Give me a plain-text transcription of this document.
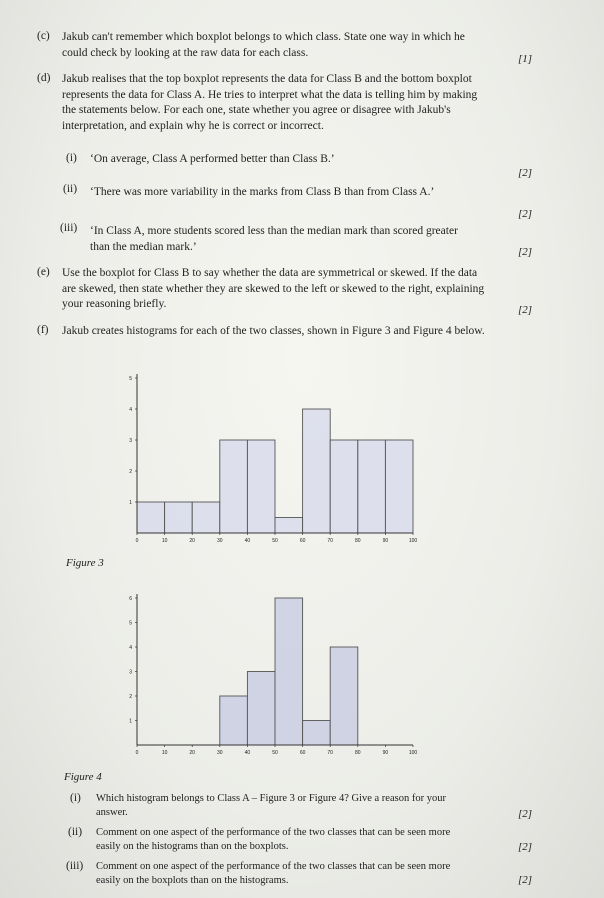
(c) Jakub can't remember which boxplot belongs to which class. State one way in which he could check by looking at the raw data for each class.
[1]
(d) Jakub realises that the top boxplot represents the data for Class B and the bottom boxplot represents the data for Class A. He tries to interpret what the data is telling him by making the statements below. For each one, state whether you agree or disagree with Jakub's interpretation, and explain why he is correct or incorrect.
(i) ‘On average, Class A performed better than Class B.’
[2]
(ii) ‘There was more variability in the marks from Class B than from Class A.’
[2]
(iii) ‘In Class A, more students scored less than the median mark than scored greater than the median mark.’	[2]
(e) Use the boxplot for Class B to say whether the data are symmetrical or skewed. If the data are skewed, then state whether they are skewed to the left or skewed to the right, explaining your reasoning briefly.	[2]
(f) Jakub creates histograms for each of the two classes, shown in Figure 3 and Figure 4 below.
0	10	20	30	40	50	60	70	80	90	100
1
2
3
4
5
Figure 3
0	10	20	30	40	50	60	70	80	90	100
1
2
3
4
5
6
Figure 4
(i) Which histogram belongs to Class A – Figure 3 or Figure 4? Give a reason for your answer.	[2]
(ii) Comment on one aspect of the performance of the two classes that can be seen more easily on the histograms than on the boxplots.	[2]
(iii) Comment on one aspect of the performance of the two classes that can be seen more easily on the boxplots than on the histograms.	[2]
